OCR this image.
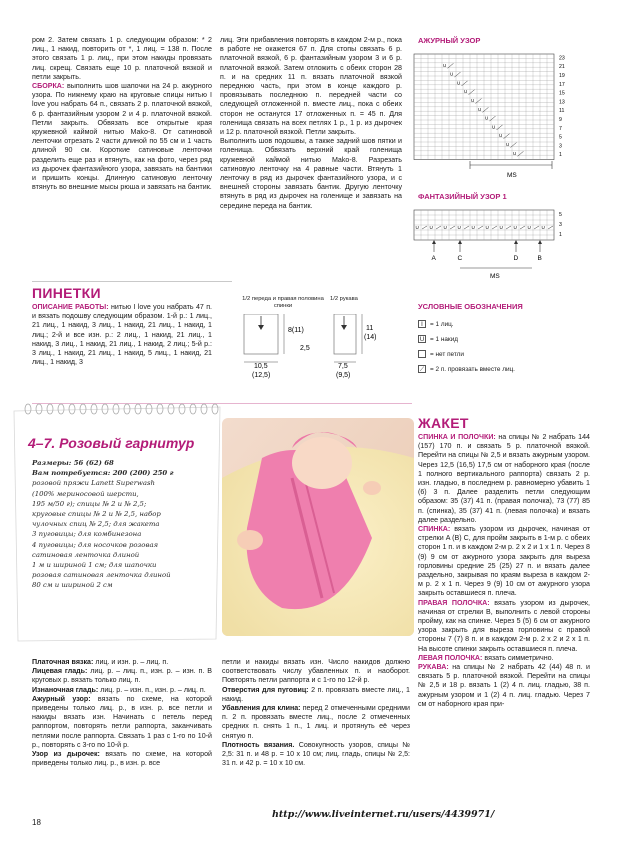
ром 2. Затем связать 1 р. следующим образом: * 2 лиц., 1 накид, повторить от *, 1 лиц. = 138 п. После этого связать 1 р. лиц., при этом накиды провязать лиц. скрещ. Связать еще 10 р. платочной вязкой и петли закрыть.

СБОРКА: выполнить шов шапочки на 24 р. ажурного узора. По нижнему краю на круговые спицы нитью I love you набрать 64 п., связать 2 р. платочной вязкой, 6 р. фантазийным узором 2 и 4 р. платочной вязкой. Петли закрыть. Обвязать все открытые края кружевной каймой нитью Mako-8. От сатиновой ленточки отрезать 2 части длиной по 55 см и 1 часть длиной 90 см. Короткие сатиновые ленточки разделить еще раз и втянуть, как на фото, через ряд из дырочек фантазийного узора, завязать на бантики и пришить концы. Длинную сатиновую ленточку втянуть во внешние мысы рюша и завязать на бантик.

лиц. Эти прибавления повторять в каждом 2-м р., пока в работе не окажется 67 п. Для стопы связать 6 р. платочной вязкой, 6 р. фантазийным узором 3 и 6 р. платочной вязкой. Затем отложить с обеих сторон 28 п. и на средних 11 п. вязать платочной вязкой переднюю часть, при этом в конце каждого р. провязывать последнюю п. передней части со следующей отложенной п. вместе лиц., пока с обеих сторон не останутся 17 отложенных п. = 45 п. Для голенища связать на всех петлях 1 р., 1 р. из дырочек и 12 р. платочной вязкой. Петли закрыть.

Выполнить шов подошвы, а также задний шов пятки и голенища. Обвязать верхний край голенища кружевной каймой нитью Mako-8. Разрезать сатиновую ленточку на 4 равные части. Втянуть 1 ленточку в ряд из дырочек фантазийного узора, и с внешней стороны завязать бантик. Другую ленточку втянуть в ряд из дырочек на голенище и завязать на середине переда на бантик.

АЖУРНЫЙ УЗОР
U
U
U
U
U
U
U
U
U
U
U
23
21
19
17
15
13
11
9
7
5
3
1
MS
ФАНТАЗИЙНЫЙ УЗОР 1
U U U U U U U U U U
5
3
1
A	C	D	B
MS
ПИНЕТКИ

ОПИСАНИЕ РАБОТЫ: нитью I love you набрать 47 п. и вязать подошву следующим образом. 1-й р.: 1 лиц., 21 лиц., 1 накид, 3 лиц., 1 накид, 21 лиц., 1 накид, 1 лиц.; 2-й и все изн. р.: 2 лиц., 1 накид, 21 лиц., 1 накид, 3 лиц., 1 накид, 21 лиц., 1 накид, 2 лиц.; 5-й р.: 3 лиц., 1 накид, 21 лиц., 1 накид, 5 лиц., 1 накид, 21 лиц., 1 накид, 3

1/2 переда и правая половина спинки
1/2 рукава
8(11)
2,5
10,5
(12,5)
11
(14)
7,5
(9,5)
УСЛОВНЫЕ ОБОЗНАЧЕНИЯ
I	= 1 лиц.
U = 1 накид
= нет петли
⟋ = 2 п. провязать вместе лиц.
4–7. Розовый гарнитур
Размеры: 56 (62) 68
Вам потребуется: 200 (200) 250 г
розовой пряжи Lanett Superwash
(100% мериносовой шерсти,
195 м/50 г); спицы № 2 и № 2,5;
круговые спицы № 2 и № 2,5, набор
чулочных спиц № 2,5; для жакета
3 пуговицы; для комбинезона
4 пуговицы; для носочков розовая
сатиновая ленточка длиной
1 м и шириной 1 см; для шапочки
розовая сатиновая ленточка длиной
80 см и шириной 2 см
ЖАКЕТ

СПИНКА И ПОЛОЧКИ: на спицы № 2 набрать 144 (157) 170 п. и связать 5 р. платочной вязкой. Перейти на спицы № 2,5 и вязать ажурным узором. Через 12,5 (16,5) 17,5 см от наборного края (после 1 полного вертикального раппорта) связать 2 р. изн. гладью, в последнем р. равномерно убавить 1 (6) 3 п. Далее разделить петли следующим образом: 35 (37) 41 п. (правая полочка), 73 (77) 85 п. (спинка), 35 (37) 41 п. (левая полочка) и вязать далее раздельно.

СПИНКА: вязать узором из дырочек, начиная от стрелки A (B) C, для пройм закрыть в 1-м р. с обеих сторон 1 п. и в каждом 2-м р. 2 х 2 и 1 х 1 п. Через 8 (9) 9 см от ажурного узора закрыть для выреза горловины средние 25 (25) 27 п. и вязать далее раздельно, закрывая по краям выреза в каждом 2-м р. 2 х 1 п. Через 9 (9) 10 см от ажурного узора закрыть оставшиеся п. плеча.

ПРАВАЯ ПОЛОЧКА: вязать узором из дырочек, начиная от стрелки B, выполнить с левой стороны пройму, как на спинке. Через 5 (5) 6 см от ажурного узора закрыть для выреза горловины с правой стороны 7 (7) 8 п. и в каждом 2-м р. 2 х 2 и 2 х 1 п. На высоте спинки закрыть оставшиеся п. плеча.

ЛЕВАЯ ПОЛОЧКА: вязать симметрично.

РУКАВА: на спицы № 2 набрать 42 (44) 48 п. и связать 5 р. платочной вязкой. Перейти на спицы № 2,5 и 18 р. вязать 1 (2) 4 п. лиц. гладью, 38 п. ажурным узором и 1 (2) 4 п. лиц. гладью. Через 7 см от наборного края при-

Платочная вязка: лиц. и изн. р. – лиц. п.

Лицевая гладь: лиц. р. – лиц. п., изн. р. – изн. п. В круговых р. вязать только лиц. п.

Изнаночная гладь: лиц. р. – изн. п., изн. р. – лиц. п.

Ажурный узор: вязать по схеме, на которой приведены только лиц. р., в изн. р. все петли и накиды вязать изн. Начинать с петель перед раппортом, повторять петли раппорта, заканчивать петлями после раппорта. Связать 1 раз с 1-го по 10-й р., повторять с 3-го по 10-й р.

Узор из дырочек: вязать по схеме, на которой приведены только лиц. р., в изн. р. все

петли и накиды вязать изн. Число накидов должно соответствовать числу убавленных п. и наоборот. Повторять петли раппорта и с 1-го по 12-й р.

Отверстия для пуговиц: 2 п. провязать вместе лиц., 1 накид.

Убавления для клина: перед 2 отмеченными средними п. 2 п. провязать вместе лиц., после 2 отмеченных средних п. снять 1 п., 1 лиц. и протянуть её через снятую п.

Плотность вязания. Совокупность узоров, спицы № 2,5: 31 п. и 48 р. = 10 х 10 см; лиц. гладь, спицы № 2,5: 31 п. и 42 р. = 10 х 10 см.

18
http://www.liveinternet.ru/users/4439971/
